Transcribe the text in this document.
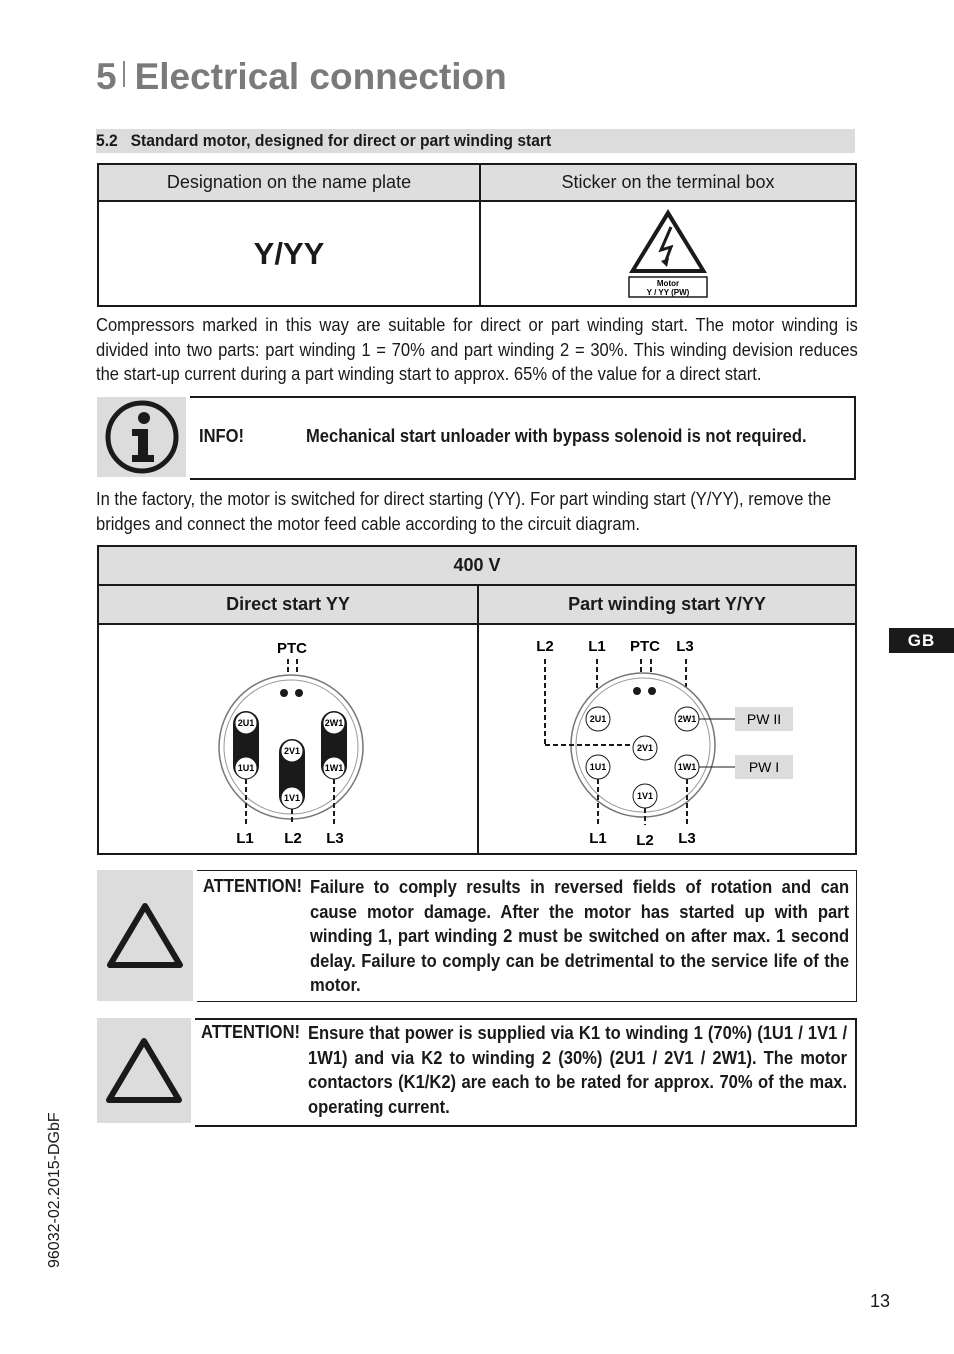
5 Electrical connection
5.2 Standard motor, designed for direct or part winding start
Designation on the name plate	Sticker on the terminal box
Y/YY	Motor
Y / YY (PW)
Compressors marked in this way are suitable for direct or part winding start. The motor winding is divided into two parts: part winding 1 = 70% and part winding 2 = 30%. This winding devision reduces the start-up current during a part winding start to approx. 65% of the value for a direct start.
INFO!	Mechanical start unloader with bypass solenoid is not required.
In the factory, the motor is switched for direct starting (YY). For part winding start (Y/YY), remove the bridges and connect the motor feed cable according to the circuit diagram.
400 V
Direct start YY	Part winding start Y/YY
PTC
2U1	2W1
2V1
1U1	1W1
1V1
L1 L2 L3
L2 L1 PTC L3
2U1	2W1
2V1
1U1	1W1
1V1
L1 L2 L3
PW II
PW I
GB
ATTENTION! Failure to comply results in reversed fields of rotation and can cause motor damage. After the motor has started up with part winding 1, part winding 2 must be switched on after max. 1 second delay. Failure to comply can be detrimental to the service life of the motor.
ATTENTION! Ensure that power is supplied via K1 to winding 1 (70%) (1U1 / 1V1 / 1W1) and via K2 to winding 2 (30%) (2U1 / 2V1 / 2W1). The motor contactors (K1/K2) are each to be rated for approx. 70% of the max. operating current.
96032-02.2015-DGbF
13
